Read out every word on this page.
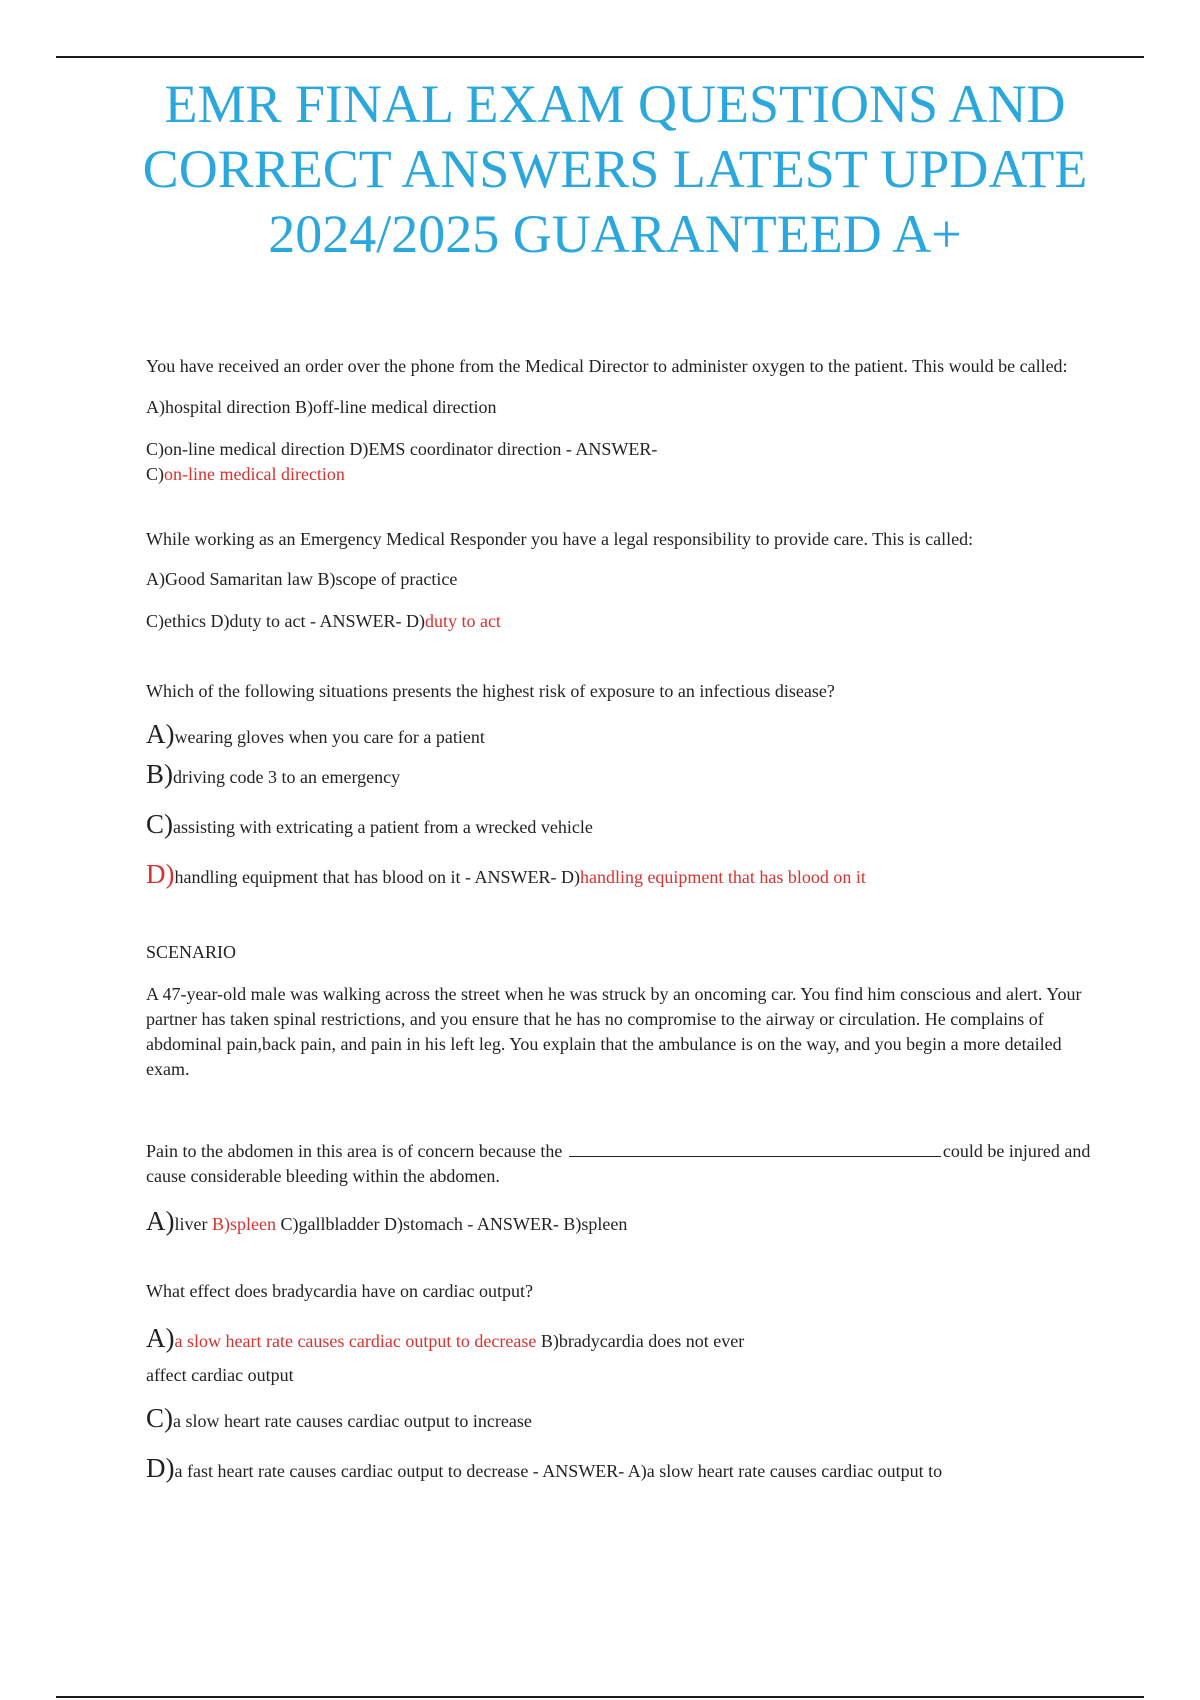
EMR FINAL EXAM QUESTIONS AND CORRECT ANSWERS LATEST UPDATE 2024/2025 GUARANTEED A+

You have received an order over the phone from the Medical Director to administer oxygen to the patient. This would be called:

A)hospital direction B)off-line medical direction

C)on-line medical direction D)EMS coordinator direction - ANSWER-

C)on-line medical direction

While working as an Emergency Medical Responder you have a legal responsibility to provide care. This is called:

A)Good Samaritan law B)scope of practice

C)ethics D)duty to act - ANSWER- D)duty to act

Which of the following situations presents the highest risk of exposure to an infectious disease?

A)wearing gloves when you care for a patient

B)driving code 3 to an emergency

C)assisting with extricating a patient from a wrecked vehicle

D)handling equipment that has blood on it - ANSWER- D)handling equipment that has blood on it

SCENARIO

A 47-year-old male was walking across the street when he was struck by an oncoming car. You find him conscious and alert. Your partner has taken spinal restrictions, and you ensure that he has no compromise to the airway or circulation. He complains of abdominal pain,back pain, and pain in his left leg. You explain that the ambulance is on the way, and you begin a more detailed exam.

Pain to the abdomen in this area is of concern because the	could be injured and cause considerable bleeding within the abdomen.

A)liver B)spleen C)gallbladder D)stomach - ANSWER- B)spleen

What effect does bradycardia have on cardiac output?

A)a slow heart rate causes cardiac output to decrease B)bradycardia does not ever

affect cardiac output

C)a slow heart rate causes cardiac output to increase

D)a fast heart rate causes cardiac output to decrease - ANSWER- A)a slow heart rate causes cardiac output to
